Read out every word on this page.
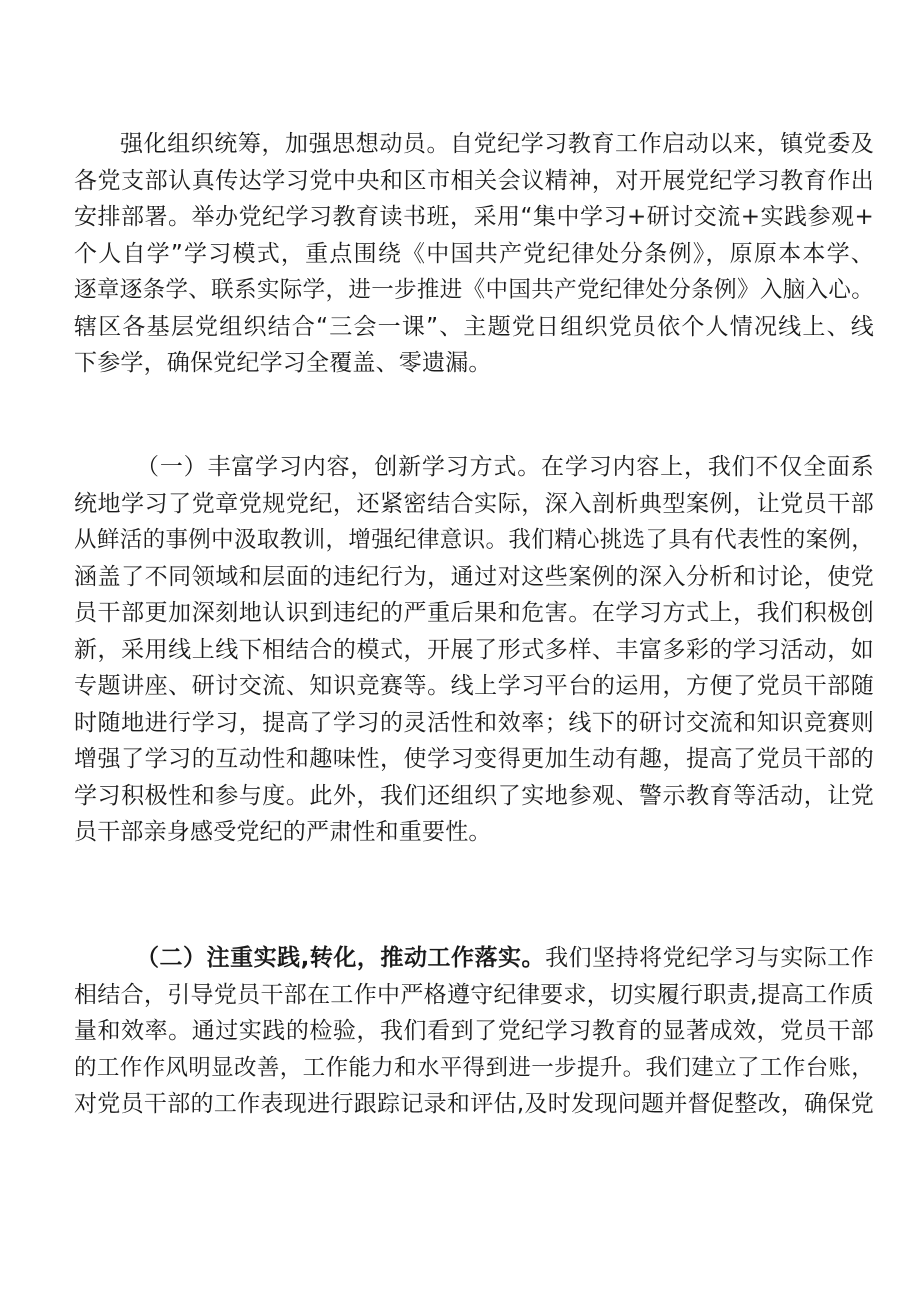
强化组织统筹，加强思想动员。自党纪学习教育工作启动以来，镇党委及
各党支部认真传达学习党中央和区市相关会议精神，对开展党纪学习教育作出
安排部署。举办党纪学习教育读书班，采用“集中学习+研讨交流+实践参观+
个人自学”学习模式，重点围绕《中国共产党纪律处分条例》，原原本本学、
逐章逐条学、联系实际学，进一步推进《中国共产党纪律处分条例》入脑入心。
辖区各基层党组织结合“三会一课”、主题党日组织党员依个人情况线上、线
下参学，确保党纪学习全覆盖、零遗漏。
（一）丰富学习内容，创新学习方式。在学习内容上，我们不仅全面系
统地学习了党章党规党纪，还紧密结合实际，深入剖析典型案例，让党员干部
从鲜活的事例中汲取教训，增强纪律意识。我们精心挑选了具有代表性的案例，
涵盖了不同领域和层面的违纪行为，通过对这些案例的深入分析和讨论，使党
员干部更加深刻地认识到违纪的严重后果和危害。在学习方式上，我们积极创
新，采用线上线下相结合的模式，开展了形式多样、丰富多彩的学习活动，如
专题讲座、研讨交流、知识竞赛等。线上学习平台的运用，方便了党员干部随
时随地进行学习，提高了学习的灵活性和效率；线下的研讨交流和知识竞赛则
增强了学习的互动性和趣味性，使学习变得更加生动有趣，提高了党员干部的
学习积极性和参与度。此外，我们还组织了实地参观、警示教育等活动，让党
员干部亲身感受党纪的严肃性和重要性。
（二）注重实践,转化，推动工作落实。我们坚持将党纪学习与实际工作
相结合，引导党员干部在工作中严格遵守纪律要求，切实履行职责,提高工作质
量和效率。通过实践的检验，我们看到了党纪学习教育的显著成效，党员干部
的工作作风明显改善，工作能力和水平得到进一步提升。我们建立了工作台账，
对党员干部的工作表现进行跟踪记录和评估,及时发现问题并督促整改，确保党
